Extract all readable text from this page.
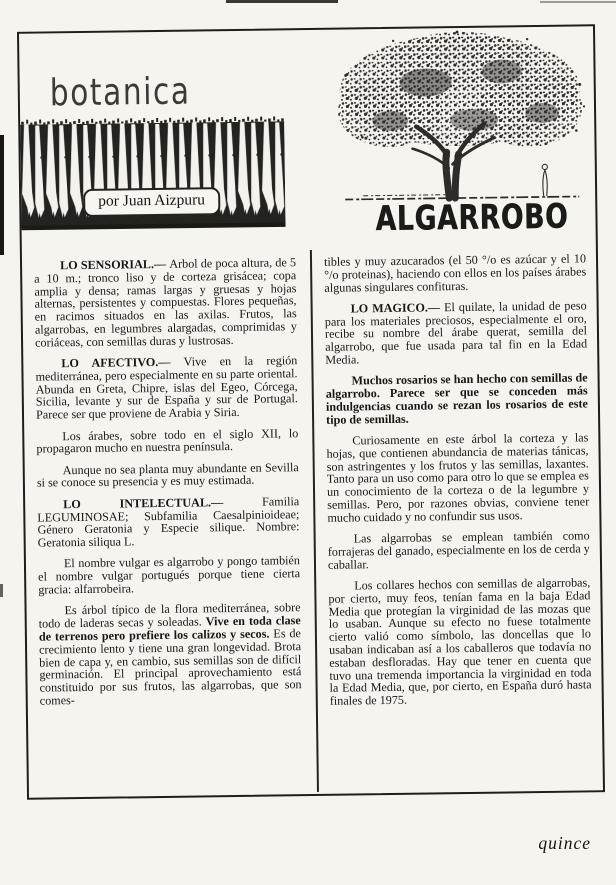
botanica
por Juan Aizpuru	ALGARROBO

LO SENSORIAL.— Arbol de poca altura, de 5 a 10 m.; tronco liso y de corteza grisácea; copa amplia y densa; ramas largas y gruesas y hojas alternas, persistentes y compuestas. Flores pequeñas, en racimos situados en las axilas. Frutos, las algarrobas, en legumbres alargadas, comprimidas y coriáceas, con semillas duras y lustrosas.

LO AFECTIVO.— Vive en la región mediterránea, pero especialmente en su parte oriental. Abunda en Greta, Chipre, islas del Egeo, Córcega, Sicilia, levante y sur de España y sur de Portugal. Parece ser que proviene de Arabia y Siria.

Los árabes, sobre todo en el siglo XII, lo propagaron mucho en nuestra península.

Aunque no sea planta muy abundante en Sevilla si se conoce su presencia y es muy estimada.

LO INTELECTUAL.— Familia LEGUMINOSAE; Subfamilia Caesalpinioideae; Género Geratonia y Especie silique. Nombre: Geratonia siliqua L.

El nombre vulgar es algarrobo y pongo también el nombre vulgar portugués porque tiene cierta gracia: alfarrobeira.

Es árbol típico de la flora mediterránea, sobre todo de laderas secas y soleadas. Vive en toda clase de terrenos pero prefiere los calizos y secos. Es de crecimiento lento y tiene una gran longevidad. Brota bien de capa y, en cambio, sus semillas son de difícil germinación. El principal aprovechamiento está constituido por sus frutos, las algarrobas, que son comes-

tibles y muy azucarados (el 50 °/o es azúcar y el 10 °/o proteinas), haciendo con ellos en los países árabes algunas singulares confituras.

LO MAGICO.— El quilate, la unidad de peso para los materiales preciosos, especialmente el oro, recibe su nombre del árabe querat, semilla del algarrobo, que fue usada para tal fin en la Edad Media.

Muchos rosarios se han hecho con semillas de algarrobo. Parece ser que se conceden más indulgencias cuando se rezan los rosarios de este tipo de semillas.

Curiosamente en este árbol la corteza y las hojas, que contienen abundancia de materias tánicas, son astringentes y los frutos y las semillas, laxantes. Tanto para un uso como para otro lo que se emplea es un conocimiento de la corteza o de la legumbre y semillas. Pero, por razones obvias, conviene tener mucho cuidado y no confundir sus usos.

Las algarrobas se emplean también como forrajeras del ganado, especialmente en los de cerda y caballar.

Los collares hechos con semillas de algarrobas, por cierto, muy feos, tenían fama en la baja Edad Media que protegían la virginidad de las mozas que lo usaban. Aunque su efecto no fuese totalmente cierto valió como símbolo, las doncellas que lo usaban indicaban así a los caballeros que todavía no estaban desfloradas. Hay que tener en cuenta que tuvo una tremenda importancia la virginidad en toda la Edad Media, que, por cierto, en España duró hasta finales de 1975.

quince
